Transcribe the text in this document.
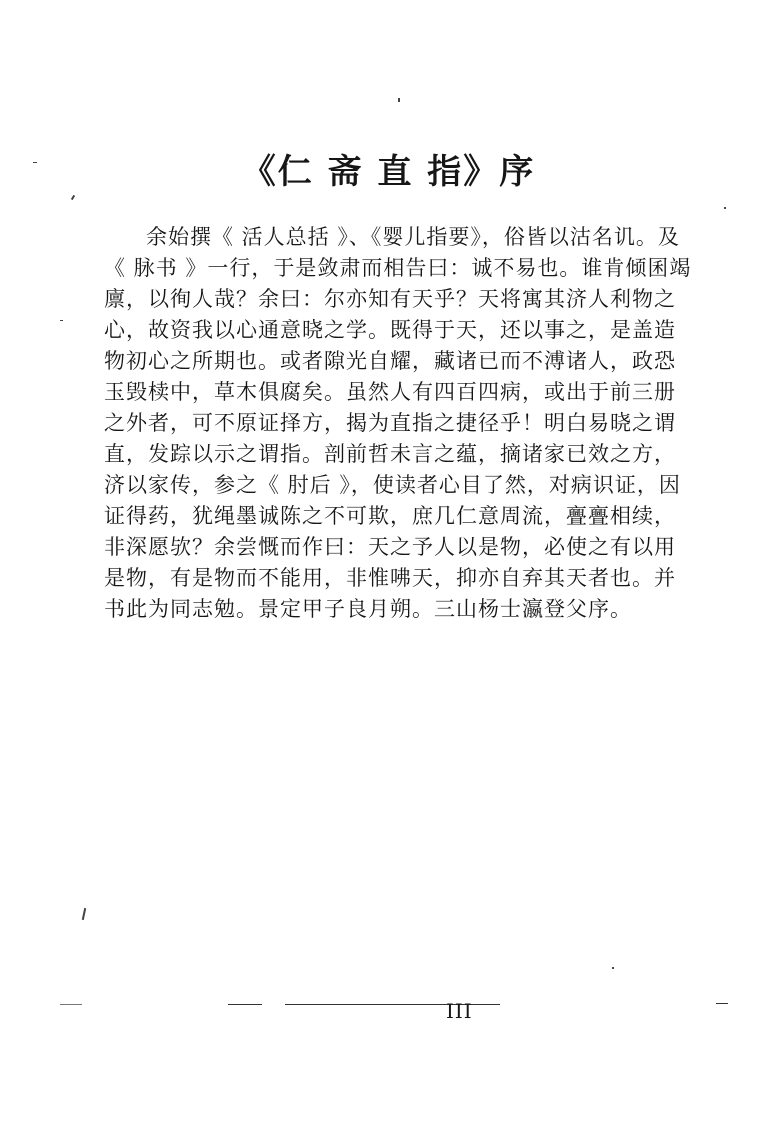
《仁 斋 直 指》序
余始撰《 活人总括 》、《婴儿指要》，俗皆以沽名讥。及
《 脉书 》一行，于是敛肃而相告曰：诚不易也。谁肯倾囷竭
廪，以徇人哉？余曰：尔亦知有天乎？天将寓其济人利物之
心，故资我以心通意晓之学。既得于天，还以事之，是盖造
物初心之所期也。或者隙光自耀，藏诸已而不溥诸人，政恐
玉毁椟中，草木俱腐矣。虽然人有四百四病，或出于前三册
之外者，可不原证择方，揭为直指之捷径乎！明白易晓之谓
直，发踪以示之谓指。剖前哲未言之蕴，摘诸家已效之方，
济以家传，参之《 肘后 》，使读者心目了然，对病识证，因
证得药，犹绳墨诚陈之不可欺，庶几仁意周流，亹亹相续，
非深愿欤？余尝慨而作曰：天之予人以是物，必使之有以用
是物，有是物而不能用，非惟咈天，抑亦自弃其天者也。并
书此为同志勉。景定甲子良月朔。三山杨士瀛登父序。
III
